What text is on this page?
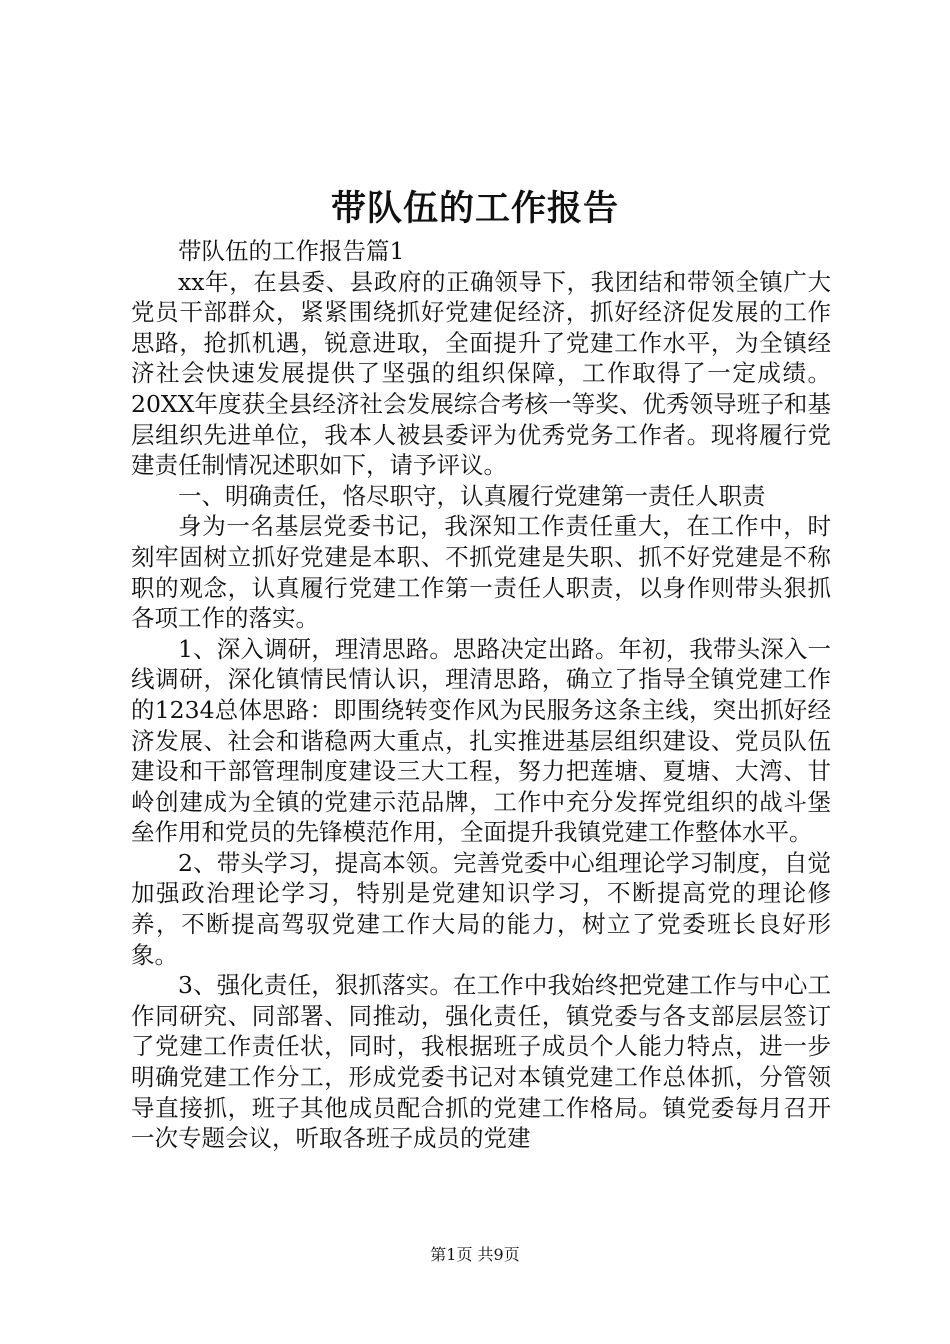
带队伍的工作报告

带队伍的工作报告篇1

xx年，在县委、县政府的正确领导下，我团结和带领全镇广大党员干部群众，紧紧围绕抓好党建促经济，抓好经济促发展的工作思路，抢抓机遇，锐意进取，全面提升了党建工作水平，为全镇经济社会快速发展提供了坚强的组织保障，工作取得了一定成绩。20XX年度获全县经济社会发展综合考核一等奖、优秀领导班子和基层组织先进单位，我本人被县委评为优秀党务工作者。现将履行党建责任制情况述职如下，请予评议。

一、明确责任，恪尽职守，认真履行党建第一责任人职责

身为一名基层党委书记，我深知工作责任重大，在工作中，时刻牢固树立抓好党建是本职、不抓党建是失职、抓不好党建是不称职的观念，认真履行党建工作第一责任人职责，以身作则带头狠抓各项工作的落实。

1、深入调研，理清思路。思路决定出路。年初，我带头深入一线调研，深化镇情民情认识，理清思路，确立了指导全镇党建工作的1234总体思路：即围绕转变作风为民服务这条主线，突出抓好经济发展、社会和谐稳两大重点，扎实推进基层组织建设、党员队伍建设和干部管理制度建设三大工程，努力把莲塘、夏塘、大湾、甘岭创建成为全镇的党建示范品牌，工作中充分发挥党组织的战斗堡垒作用和党员的先锋模范作用，全面提升我镇党建工作整体水平。

2、带头学习，提高本领。完善党委中心组理论学习制度，自觉加强政治理论学习，特别是党建知识学习，不断提高党的理论修养，不断提高驾驭党建工作大局的能力，树立了党委班长良好形象。

3、强化责任，狠抓落实。在工作中我始终把党建工作与中心工作同研究、同部署、同推动，强化责任，镇党委与各支部层层签订了党建工作责任状，同时，我根据班子成员个人能力特点，进一步明确党建工作分工，形成党委书记对本镇党建工作总体抓，分管领导直接抓，班子其他成员配合抓的党建工作格局。镇党委每月召开一次专题会议，听取各班子成员的党建

第1页 共9页
